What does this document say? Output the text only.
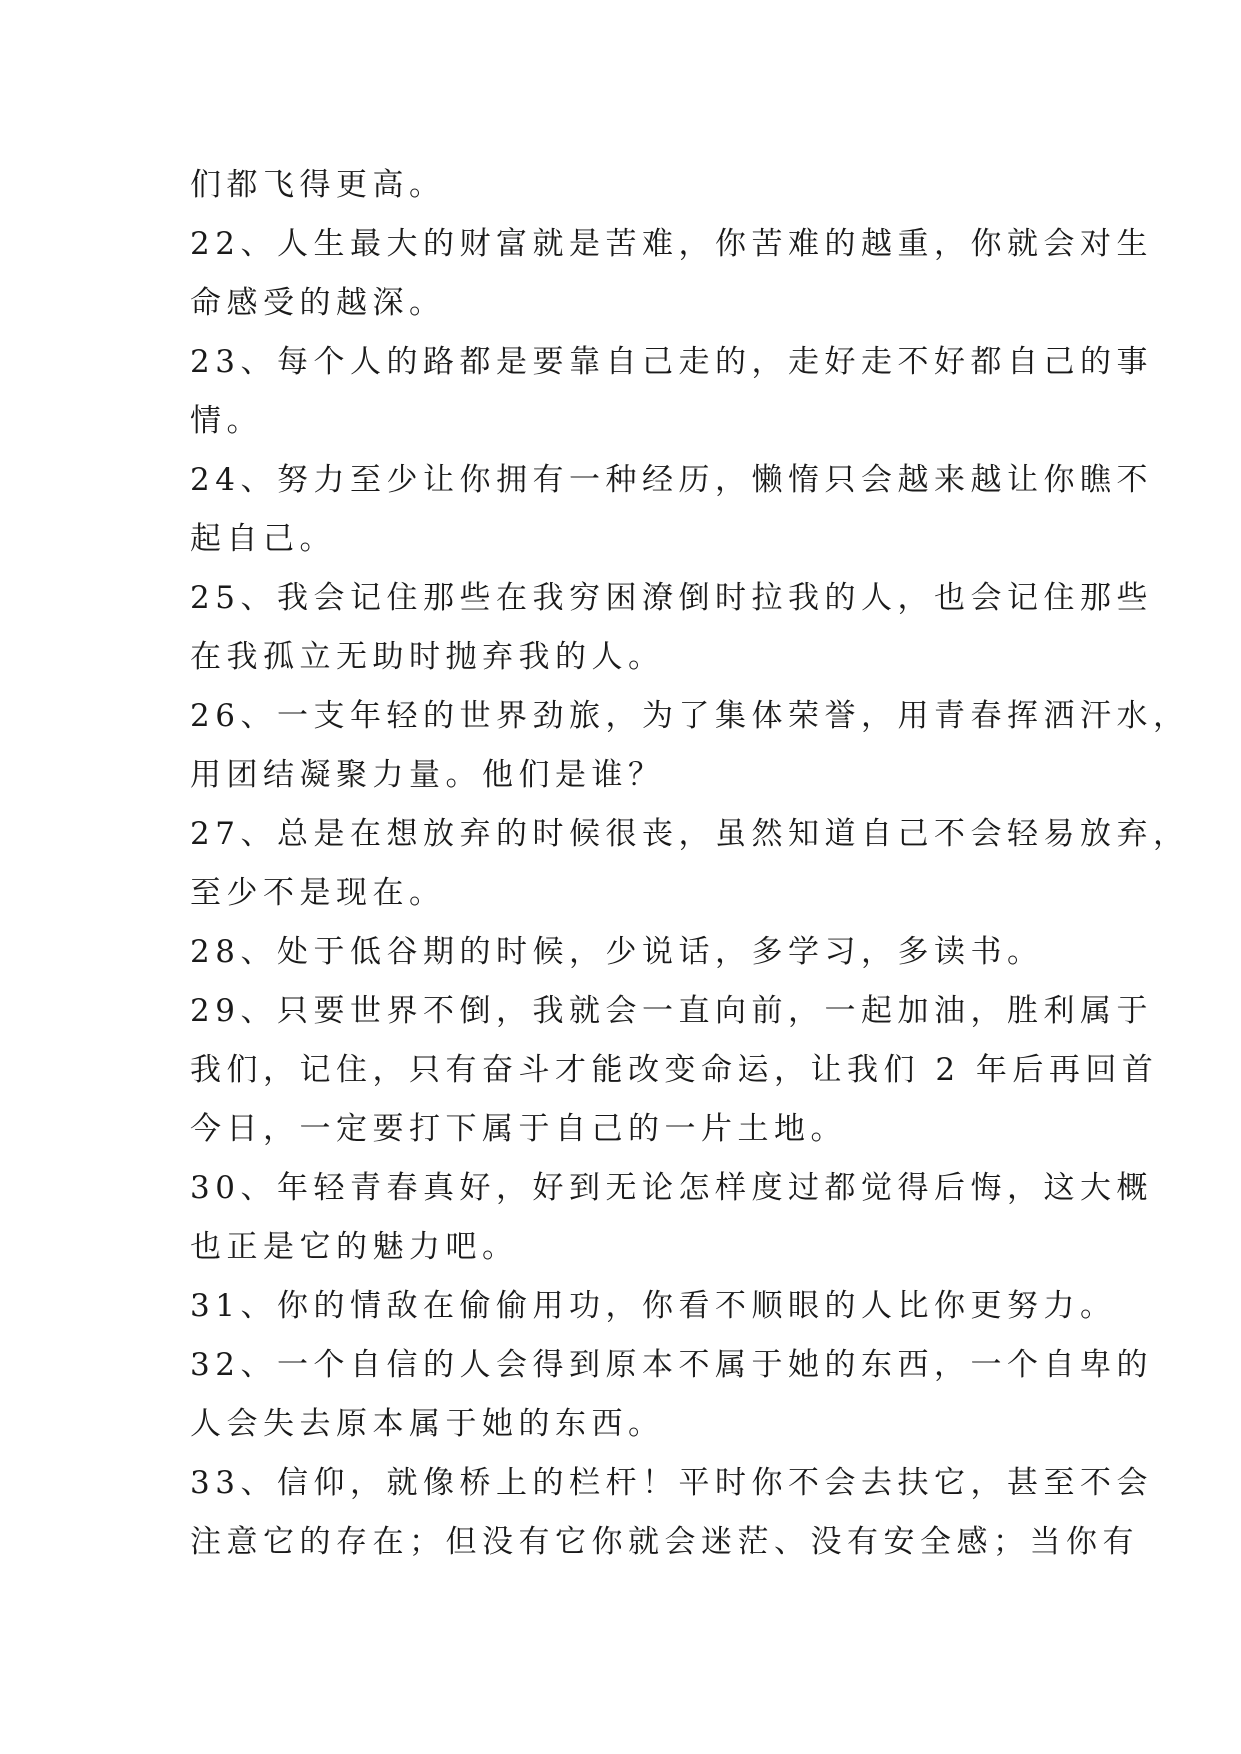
们都飞得更高。
22、人生最大的财富就是苦难，你苦难的越重，你就会对生
命感受的越深。
23、每个人的路都是要靠自己走的，走好走不好都自己的事
情。
24、努力至少让你拥有一种经历，懒惰只会越来越让你瞧不
起自己。
25、我会记住那些在我穷困潦倒时拉我的人，也会记住那些
在我孤立无助时抛弃我的人。
26、一支年轻的世界劲旅，为了集体荣誉，用青春挥洒汗水，
用团结凝聚力量。他们是谁？
27、总是在想放弃的时候很丧，虽然知道自己不会轻易放弃，
至少不是现在。
28、处于低谷期的时候，少说话，多学习，多读书。
29、只要世界不倒，我就会一直向前，一起加油，胜利属于
我们，记住，只有奋斗才能改变命运，让我们 2 年后再回首
今日，一定要打下属于自己的一片土地。
30、年轻青春真好，好到无论怎样度过都觉得后悔，这大概
也正是它的魅力吧。
31、你的情敌在偷偷用功，你看不顺眼的人比你更努力。
32、一个自信的人会得到原本不属于她的东西，一个自卑的
人会失去原本属于她的东西。
33、信仰，就像桥上的栏杆！平时你不会去扶它，甚至不会
注意它的存在；但没有它你就会迷茫、没有安全感；当你有
